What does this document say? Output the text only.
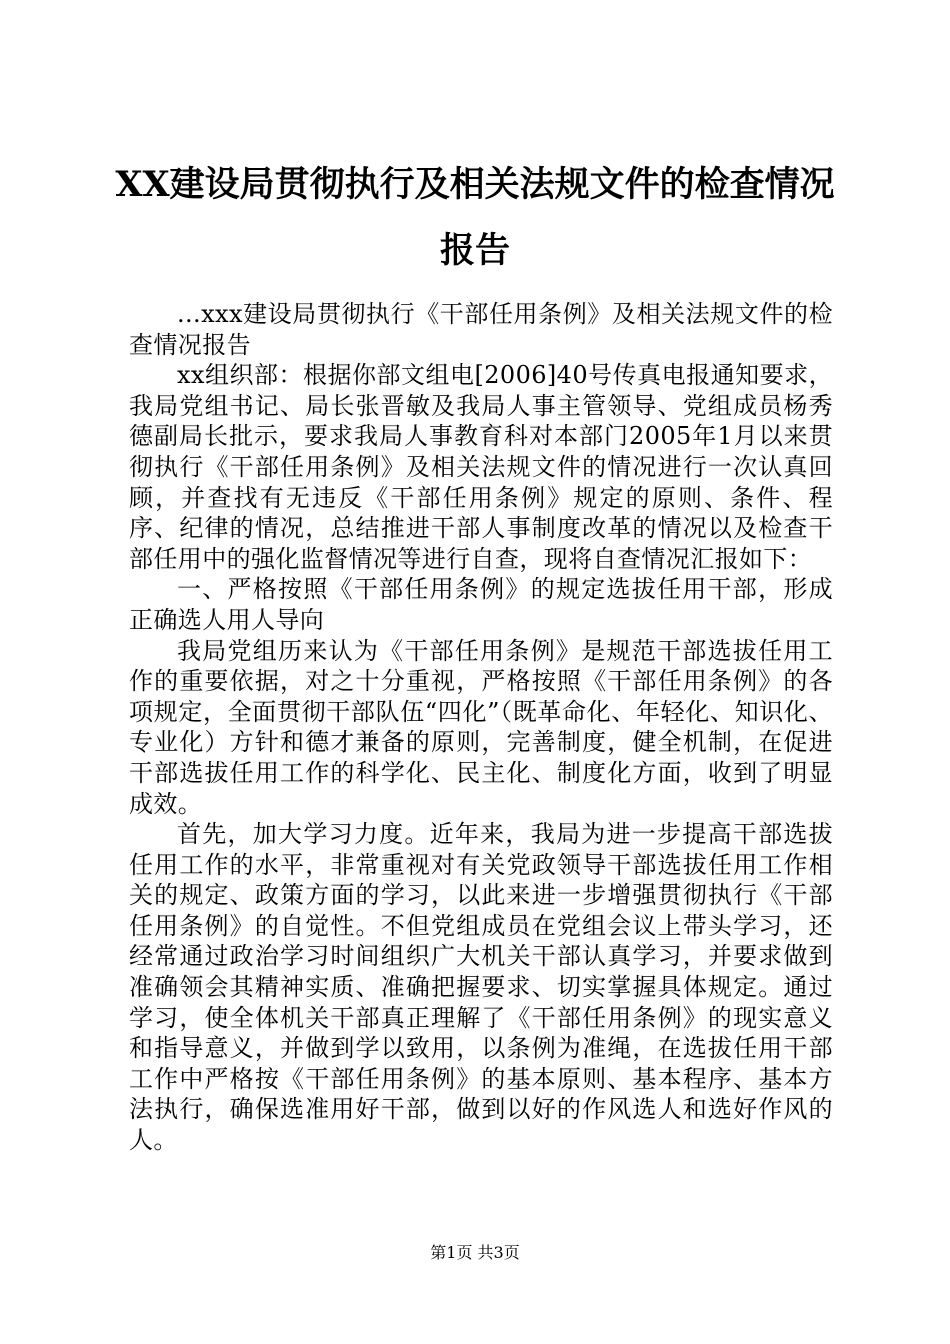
XX建设局贯彻执行及相关法规文件的检查情况报告

...xxx建设局贯彻执行《干部任用条例》及相关法规文件的检查情况报告

xx组织部：根据你部文组电[2006]40号传真电报通知要求，我局党组书记、局长张晋敏及我局人事主管领导、党组成员杨秀德副局长批示，要求我局人事教育科对本部门2005年1月以来贯彻执行《干部任用条例》及相关法规文件的情况进行一次认真回顾，并查找有无违反《干部任用条例》规定的原则、条件、程序、纪律的情况，总结推进干部人事制度改革的情况以及检查干部任用中的强化监督情况等进行自查，现将自查情况汇报如下：

一、严格按照《干部任用条例》的规定选拔任用干部，形成正确选人用人导向

我局党组历来认为《干部任用条例》是规范干部选拔任用工作的重要依据，对之十分重视，严格按照《干部任用条例》的各项规定，全面贯彻干部队伍“四化”（既革命化、年轻化、知识化、专业化）方针和德才兼备的原则，完善制度，健全机制，在促进干部选拔任用工作的科学化、民主化、制度化方面，收到了明显成效。

首先，加大学习力度。近年来，我局为进一步提高干部选拔任用工作的水平，非常重视对有关党政领导干部选拔任用工作相关的规定、政策方面的学习，以此来进一步增强贯彻执行《干部任用条例》的自觉性。不但党组成员在党组会议上带头学习，还经常通过政治学习时间组织广大机关干部认真学习，并要求做到准确领会其精神实质、准确把握要求、切实掌握具体规定。通过学习，使全体机关干部真正理解了《干部任用条例》的现实意义和指导意义，并做到学以致用，以条例为准绳，在选拔任用干部工作中严格按《干部任用条例》的基本原则、基本程序、基本方法执行，确保选准用好干部，做到以好的作风选人和选好作风的人。

第1页 共3页
